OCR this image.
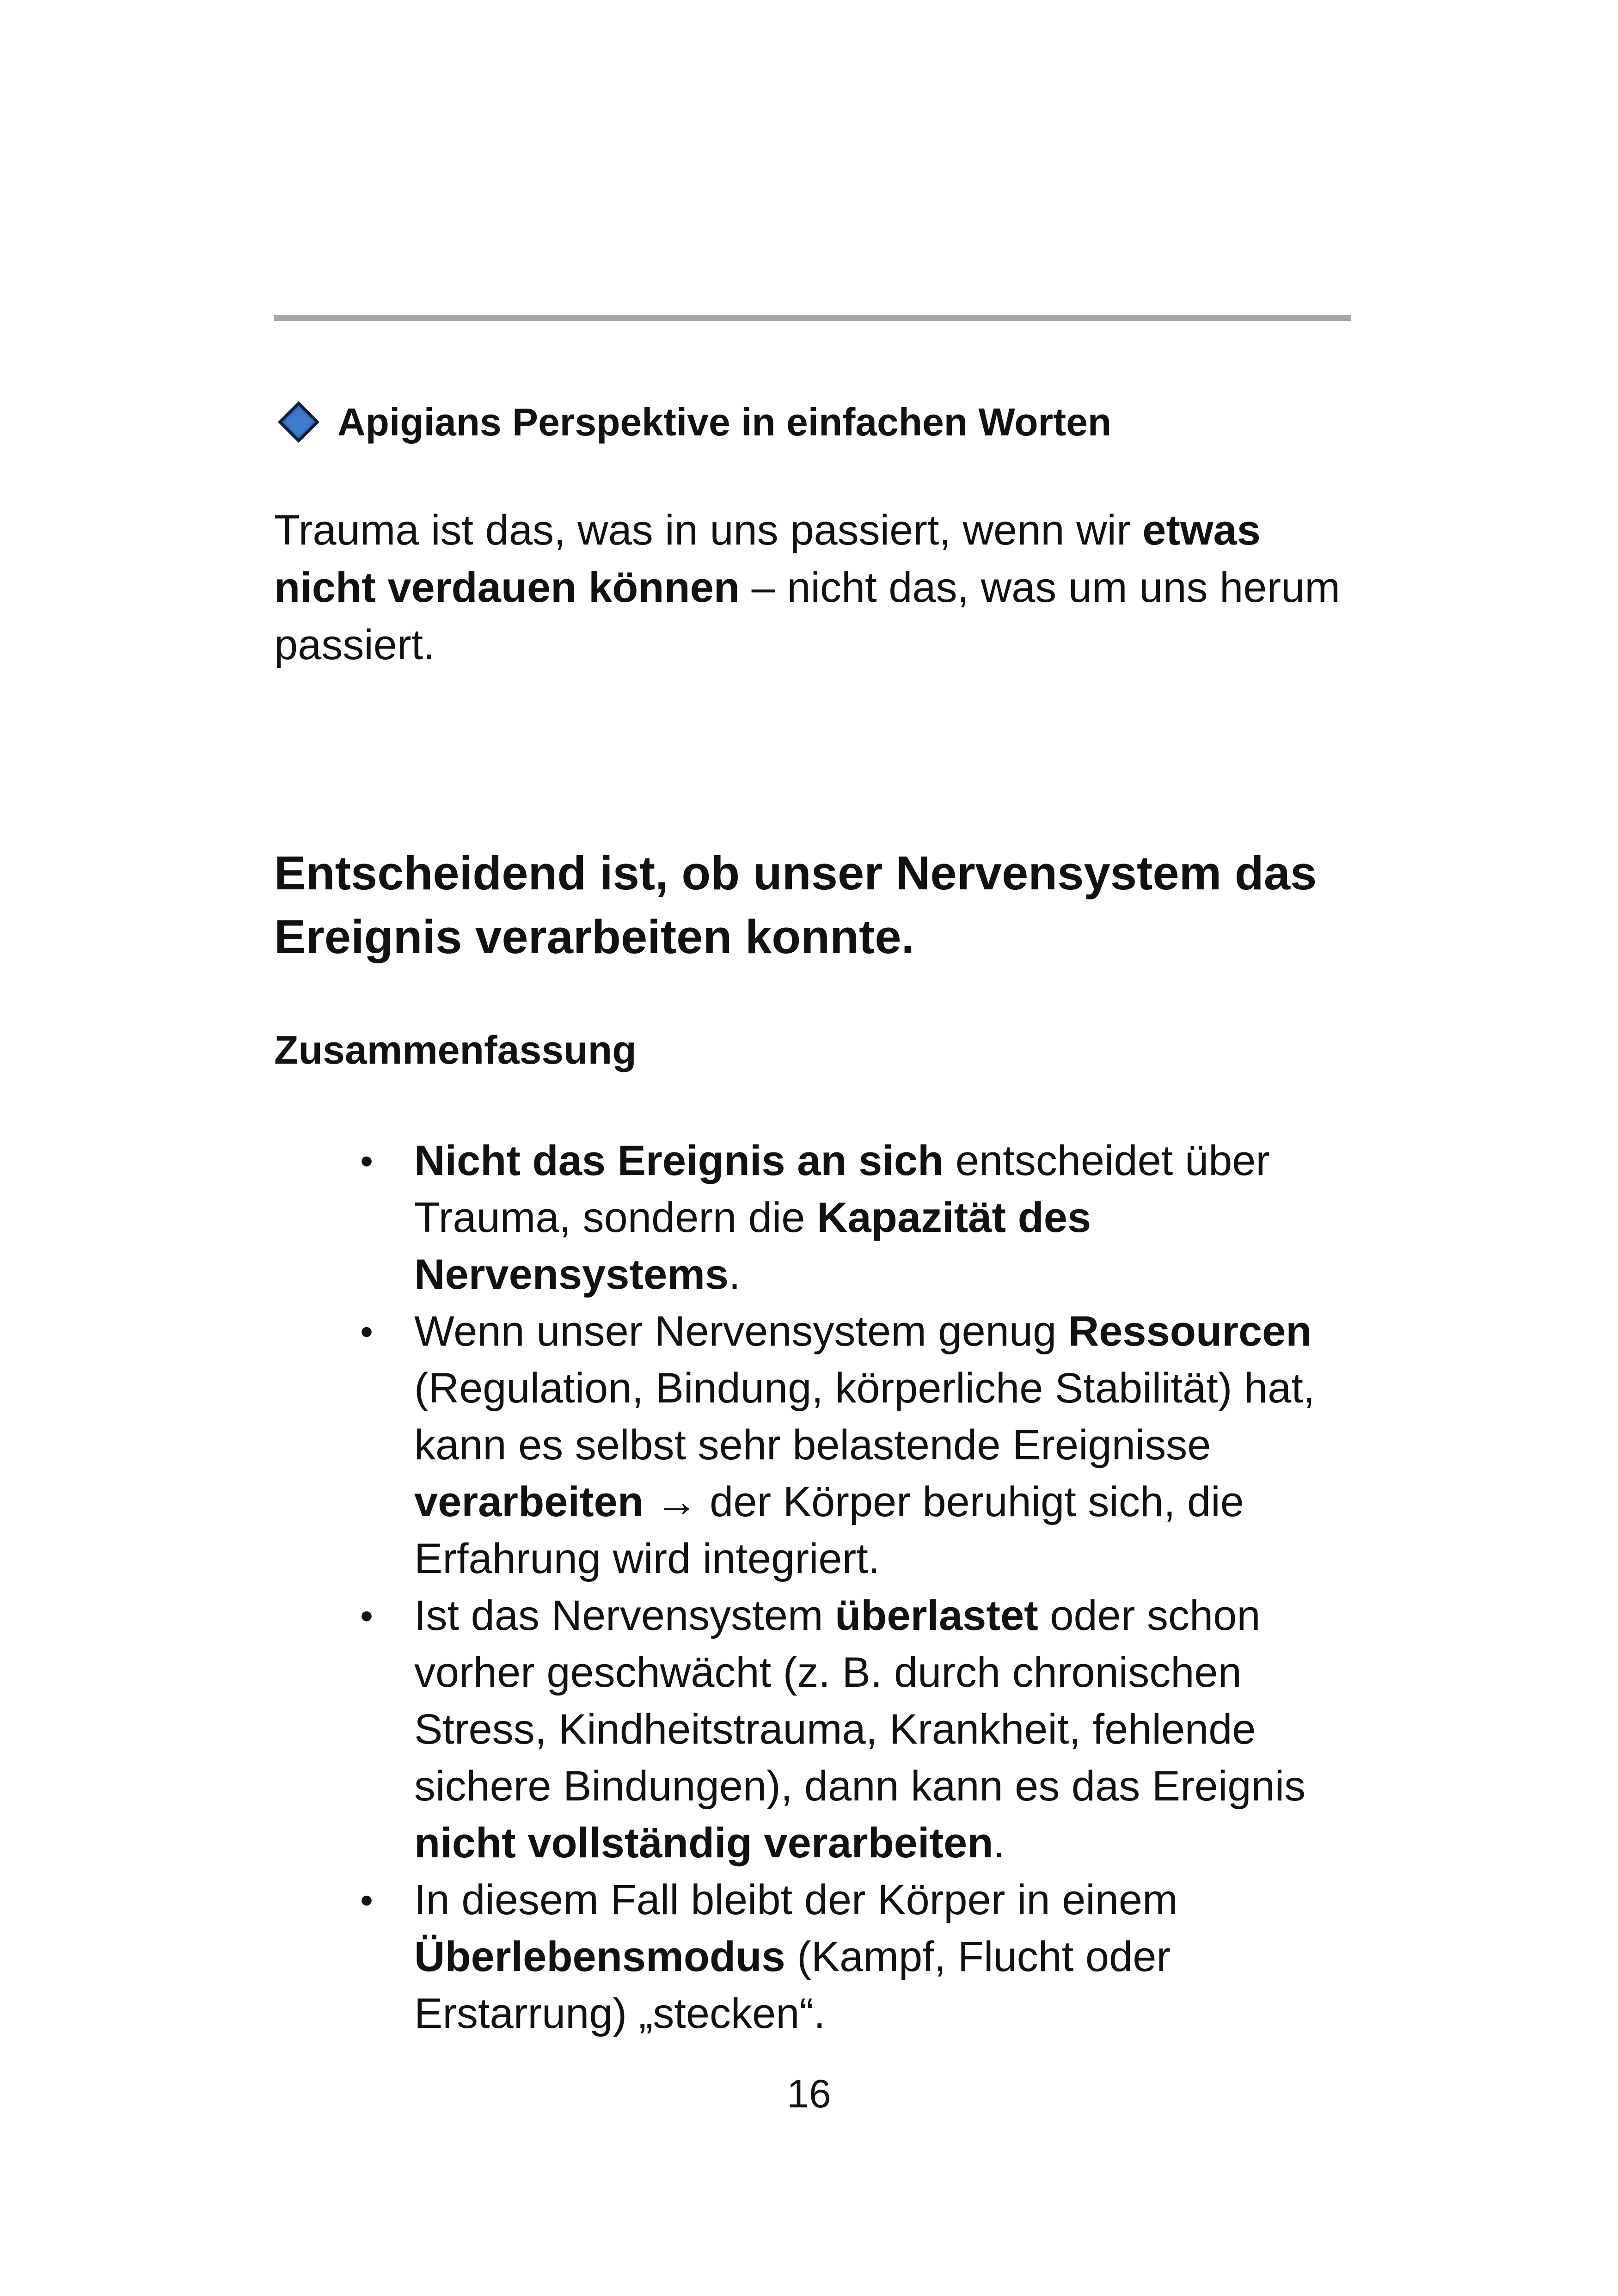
Apigians Perspektive in einfachen Worten

Trauma ist das, was in uns passiert, wenn wir etwas nicht verdauen können – nicht das, was um uns herum passiert.

Entscheidend ist, ob unser Nervensystem das Ereignis verarbeiten konnte.
Zusammenfassung
• Nicht das Ereignis an sich entscheidet über Trauma, sondern die Kapazität des Nervensystems.
• Wenn unser Nervensystem genug Ressourcen (Regulation, Bindung, körperliche Stabilität) hat, kann es selbst sehr belastende Ereignisse verarbeiten → der Körper beruhigt sich, die Erfahrung wird integriert.
• Ist das Nervensystem überlastet oder schon vorher geschwächt (z. B. durch chronischen Stress, Kindheitstrauma, Krankheit, fehlende sichere Bindungen), dann kann es das Ereignis nicht vollständig verarbeiten.
• In diesem Fall bleibt der Körper in einem Überlebensmodus (Kampf, Flucht oder Erstarrung) „stecken“.

16
